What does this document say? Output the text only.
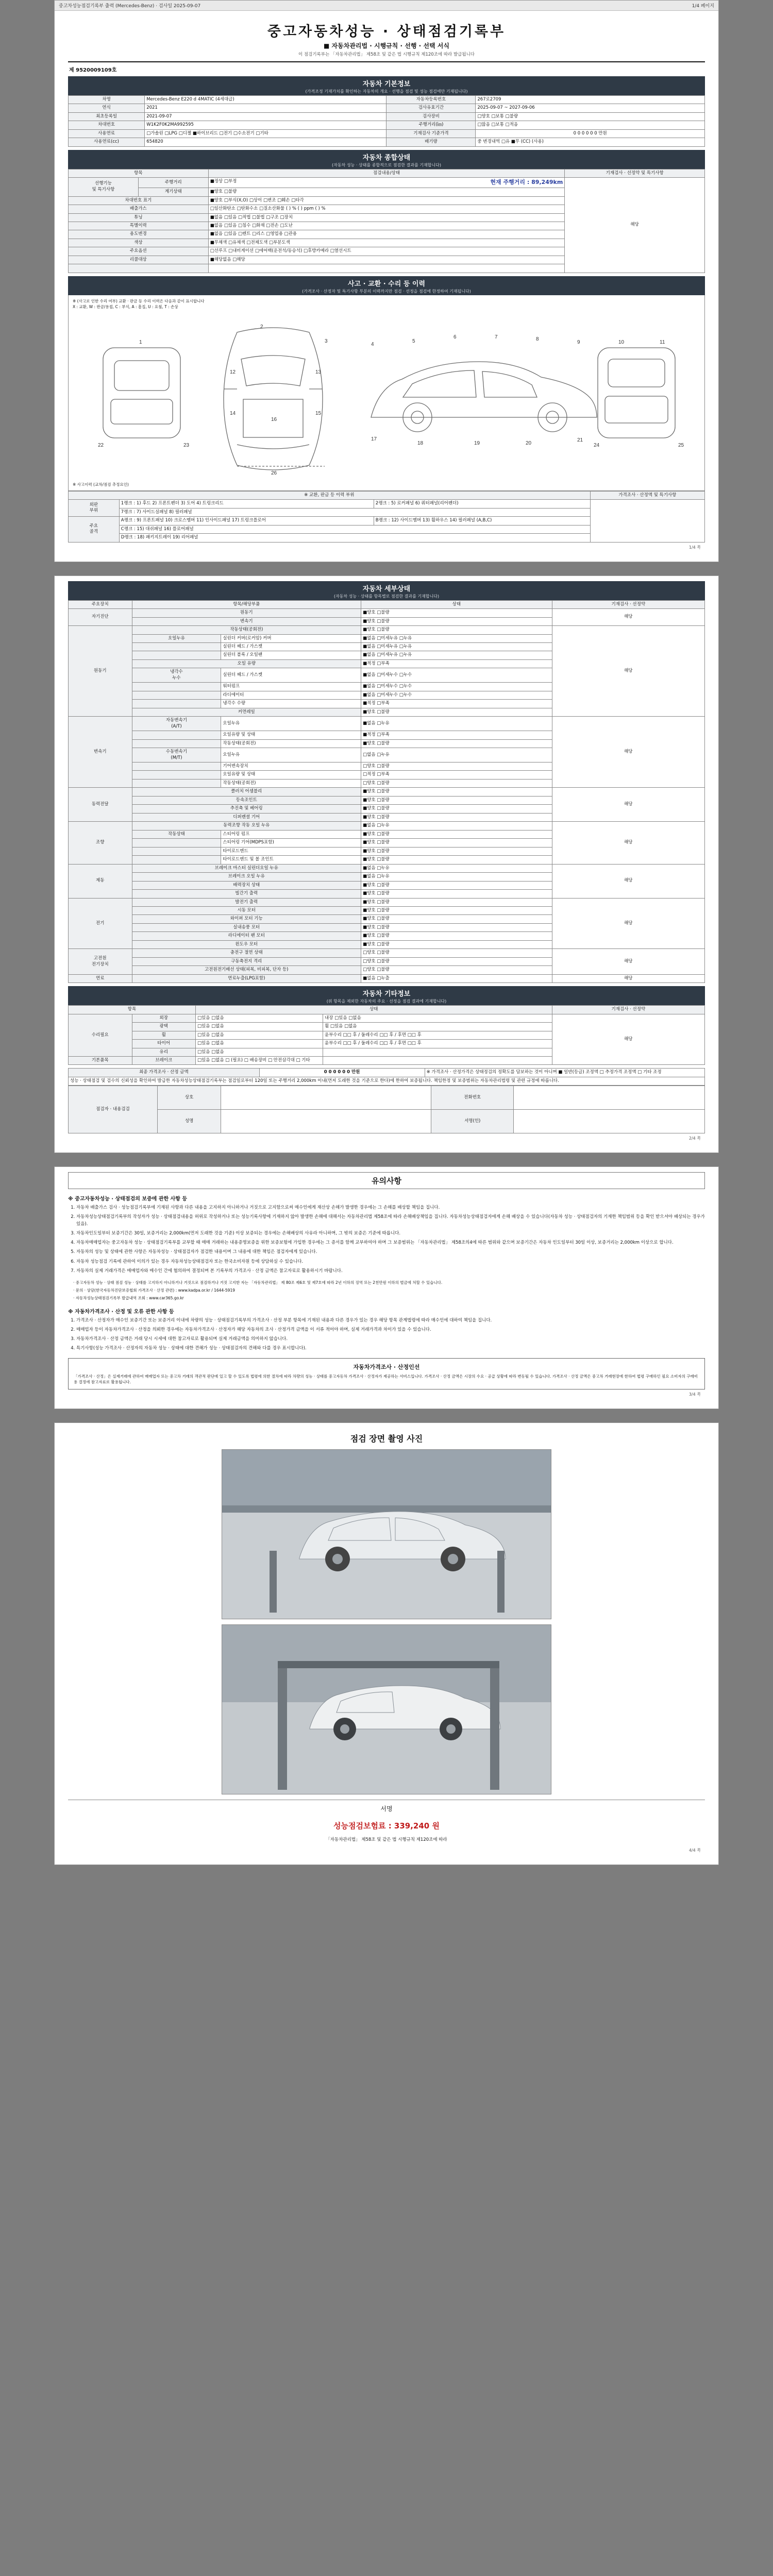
중고차성능점검기록부 출력 (Mercedes-Benz) · 검사일 2025-09-07	1/4 페이지
중고자동차성능 · 상태점검기록부
■ 자동차관리법 · 시행규칙 · 선행 · 선택 서식
이 점검기록부는 「자동차관리법」 제58조 및 같은 법 시행규칙 제120조에 따라 발급됩니다
제 9520009109호
자동차 기본정보
(가격조정 기재가치를 확인하는 자동차의 개요 · 선행을 점검 및 성능 점검에만 기재됩니다)
차명	Mercedes-Benz E220 d 4MATIC (4세대급)	자동차등록번호	267로2709
연식	2021	검사유효기간	2025-09-07 ~ 2027-09-06
최초등록일	2021-09-07	검사장비	□양호 □보통 □불량
차대번호	W1K2F0K2MA992595	주행거리(㎞)	□많음 □보통 □적음
사용연료	□가솔린 □LPG □디젤 ■하이브리드 □전기 □수소전기 □기타	기재검사 기준가격	0 0 0 0 0 0 만원
사용연료(cc)	654820	배기량	중 변경내역 □유 ■무 (CC) (사용)
자동차 종합상태
(자동차 성능 · 상태를 종합적으로 점검한 결과를 기재합니다)
항목		점검내용/상태	기재검사 · 선정약 및 특기사항
선행기능
및 특기사항	주행거리	■정상 □부정 현재 주행거리 : 89,249km	해당
	계기상태	■양호 □불량	
차대번호 표기		■양호 □부식(X,O) □상이 □변조 □훼손 □타각	
배출가스		□일산화탄소 □탄화수소 □질소산화물 ( ) % ( ) ppm ( ) %	
튜닝		■없음 □있음 □적법 □불법 □구조 □장치	
특별이력		■없음 □있음 □침수 □화재 □전손 □도난	
용도변경		■없음 □있음 □렌트 □리스 □영업용 □관용	
색상		■무채색 □유채색 □전체도색 □부분도색	
주요옵션		□선루프 □내비게이션 □에어백(운전석/동승석) □후방카메라 □열선시트	
리콜대상		■해당없음 □해당	

사고 · 교환 · 수리 등 이력
(가격조사 · 산정자 및 특기사항 부분의 이력까지만 점검 · 선정을 점검에 한정하여 기재됩니다)
※ (사고로 인한 수리 여부) 교환 · 판금 등 수리 이력은 다음과 같이 표시합니다
X : 교환, W : 판금/용접, C : 부식, A : 흠집, U : 요철, T : 손상
1
2
3
4
5
6	7	8
9	10	11
12	13
14	15
16
17
18	19	20
21
22	23	24	25
26
※ 사고이력 (교차/점검 추정요인)
※ 교환, 판금 등 이력 부위			가격조사 · 산정액 및 특기사항
외판
부위	1랭크 : 1) 후드 2) 프론트펜더 3) 도어 4) 트렁크리드	2랭크 : 5) 로커패널 6) 쿼터패널(리어펜더)	
	7랭크 : 7) 사이드실패널 8) 필러패널		
주요
골격	A랭크 : 9) 프론트패널 10) 크로스멤버 11) 인사이드패널 17) 트렁크플로어	B랭크 : 12) 사이드멤버 13) 휠하우스 14) 필러패널 (A,B,C)	
	C랭크 : 15) 대쉬패널 16) 플로어패널		
	D랭크 : 18) 패키지트레이 19) 리어패널		
1/4 쪽
자동차 세부상태
(자동차 성능 · 상태를 항목별로 점검한 결과를 기재합니다)
주요장치	항목/해당부품		상태	기재검사 · 선정약
자기진단	원동기		■양호 □불량	해당
	변속기		■양호 □불량	
원동기	작동상태(공회전)		■양호 □불량	해당
	오일누유	실린더 커버(로커암) 커버	■없음 □미세누유 □누유	
		실린더 헤드 / 가스켓	■없음 □미세누유 □누유	
		실린더 블록 / 오일팬	■없음 □미세누유 □누유	
	오일 유량		■적정 □부족	
	냉각수
누수	실린더 헤드 / 가스켓	■없음 □미세누수 □누수	
		워터펌프	■없음 □미세누수 □누수	
		라디에이터	■없음 □미세누수 □누수	
		냉각수 수량	■적정 □부족	
	커먼레일		■양호 □불량	
변속기	자동변속기
(A/T)	오일누유	■없음 □누유	해당
		오일유량 및 상태	■적정 □부족	
		작동상태(공회전)	■양호 □불량	
	수동변속기
(M/T)	오일누유	□없음 □누유	
		기어변속장치	□양호 □불량	
		오일유량 및 상태	□적정 □부족	
		작동상태(공회전)	□양호 □불량	
동력전달	클러치 어셈블리		■양호 □불량	해당
	등속조인트		■양호 □불량	
	추진축 및 베어링		■양호 □불량	
	디퍼렌셜 기어		■양호 □불량	
조향	동력조향 작동 오일 누유		■없음 □누유	해당
	작동상태	스티어링 펌프	■양호 □불량	
		스티어링 기어(MDPS포함)	■양호 □불량	
		타이로드엔드	■양호 □불량	
		타이로드엔드 및 볼 조인트	■양호 □불량	
제동	브레이크 마스터 실린더오일 누유		■없음 □누유	해당
	브레이크 오일 누유		■없음 □누유	
	배력장치 상태		■양호 □불량	
	빌간기 출력		■양호 □불량	
전기	발전기 출력		■양호 □불량	해당
	시동 모터		■양호 □불량	
	와이퍼 모터 기능		■양호 □불량	
	실내송풍 모터		■양호 □불량	
	라디에이터 팬 모터		■양호 □불량	
	윈도우 모터		■양호 □불량	
고전원
전기장치	충전구 절연 상태		□양호 □불량	해당
	구동축전지 격리		□양호 □불량	
	고전원전기배선 상태(피복, 비피복, 단자 등)		□양호 □불량	
연료	연료누출(LPG포함)		■없음 □누출	해당
자동차 기타정보
(위 항목을 제외한 자동차의 주요 · 선정을 점검 결과에 기재합니다)
항목		상태		기재검사 · 선정약
수리필요	외장	□있음 □없음	내장 □있음 □없음	해당
	광택	□있음 □없음	휠 □있음 □없음	
	휠	□있음 □없음	윤부수리 □□ 후 / 둘레수리 □□ 후 / 후면 □□ 후	
	타이어	□있음 □없음	윤부수리 □□ 후 / 둘레수리 □□ 후 / 후면 □□ 후	
	유리	□있음 □없음		
기본품목	브레이크	□있음 □없음 □ (필요) □ 배송장비 □ 안전삼각대 □ 기타		
최종 가격조사 · 산정 금액	0 0 0 0 0 0 만원	※ 가격조사 · 산정가격은 상태정검의 정확도를 담보하는 것이 아니며 ■ 일반(등급) 조정액 □ 추정가격 조정액 □ 기타 조정
성능 · 상태점검 및 검수의 신뢰성을 확인하여 발급한 자동차성능상태점검기록부는 점검일로부터 120일 또는 주행거리 2,000km 이내(먼저 도래한 것을 기준으로 한다)에 한하여 보증됩니다. 책임한정 및 보증범위는 자동차관리법령 및 관련 규정에 따릅니다.
점검자 · 내용검검	상호		전화번호	
	성명		서명(인)	
2/4 쪽
유의사항
※ 중고자동차성능 · 상태점검의 보증에 관한 사항 등
1. 자동차 배출가스 검사 · 성능점검기록부에 기재된 사항과 다른 내용을 고지하지 아니하거나 거짓으로 고지함으로써 매수인에게 재산상 손해가 발생한 경우에는 그 손해를 배상할 책임을 집니다.
2. 자동차성능상태점검기록부의 작성자가 성능 · 상태점검내용을 허위로 작성하거나 또는 성능기록사항에 기재하지 않아 발생한 손해에 대해서는 자동차관리법 제58조에 따라 손해배상책임을 집니다. 자동차성능상태점검자에게 손해 배상을 수 있습니다(자동차 성능 · 상태점검자의 기재한 책임범위 등을 확인 받으셔야 배상되는 경우가 있음).
3. 자동차인도일부터 보증기간은 30일, 보증거리는 2,000km(먼저 도래한 것을 기준) 이상 보증되는 경우에는 손해배상의 사유라 아니하며, 그 밖의 보증은 기준에 따릅니다.
4. 자동차매매업자는 중고자동차 성능 · 상태점검기록부를 교부할 때 매매 거래하는 내용증명보증을 위한 보증보험에 가입한 경우에는 그 증서를 함께 교부하여야 하며 그 보증범위는 「자동차관리법」 제58조의4에 따른 범위와 같으며 보증기간은 자동차 인도일부터 30일 이상, 보증거리는 2,000km 이상으로 합니다.
5. 자동차의 성능 및 상태에 관한 사항은 자동차성능 · 상태점검자가 점검한 내용이며 그 내용에 대한 책임은 점검자에게 있습니다.
6. 자동차 성능점검 기록에 관하여 이의가 있는 경우 자동차성능상태점검자 또는 한국소비자원 등에 상담하실 수 있습니다.
7. 자동차의 실제 거래가격은 매매업자와 매수인 간에 협의하여 결정되며 본 기록부의 가격조사 · 산정 금액은 참고자료로 활용하시기 바랍니다.
· 중고자동차 성능 · 상태 점검 성능 · 상태를 고지하지 아니하거나 거짓으로 점검하거나 거짓 고지한 자는 「자동차관리법」 제 80조 제6호 및 제7호에 따라 2년 이하의 징역 또는 2천만원 이하의 벌금에 처할 수 있습니다.
· 문의 · 상담(한국자동차진단보증협회 가격조사 · 산정 관련) : www.kadpa.or.kr / 1644-5919
· 자동차성능상태점검기록부 발급내역 조회 : www.car365.go.kr
※ 자동차가격조사 · 산정 및 오류 관한 사항 등
1. 가격조사 · 산정자가 매수인 보증기간 또는 보증거리 이내에 차량의 성능 · 상태점검기록부의 가격조사 · 산정 부분 항목에 기재된 내용과 다른 경우가 있는 경우 해당 항목 관계법령에 따라 매수인에 대하여 책임을 집니다.
2. 매매업자 등이 자동차가격조사 · 산정을 의뢰한 경우에는 자동차가격조사 · 산정자가 해당 자동차의 조사 · 산정가격 금액을 이 서류 적어야 하며, 실제 거래가격과 차이가 있을 수 있습니다.
3. 자동차가격조사 · 산정 금액은 거래 당시 시세에 대한 참고자료로 활용되며 실제 거래금액을 의미하지 않습니다.
4. 특기사항(성능 가격조사 · 산정자의 자동차 성능 · 상태에 대한 견해가 성능 · 상태점검자의 견해와 다를 경우 표시합니다).
자동차가격조사 · 산정인선
「가격조사 · 산정」은 실제거래에 관하여 매매업자 또는 중고차 거래의 객관적 판단에 있고 할 수 있도록 법령에 의한 절차에 따라 차량의 성능 · 상태를 중고자동차 가격조사 · 산정자가 제공하는 서비스입니다. 가격조사 · 산정 금액은 시장의 수요 · 공급 상황에 따라 변동될 수 있습니다. 가격조사 · 산정 금액은 중고차 거래현장에 한하여 법령 구매하인 필요 소비자의 구매비용 결정에 참고자료로 활용됩니다.
3/4 쪽
점검 장면 촬영 사진
서명
성능점검보험료 : 339,240 원
「자동차관리법」 제58조 및 같은 법 시행규칙 제120조에 따라
4/4 쪽
